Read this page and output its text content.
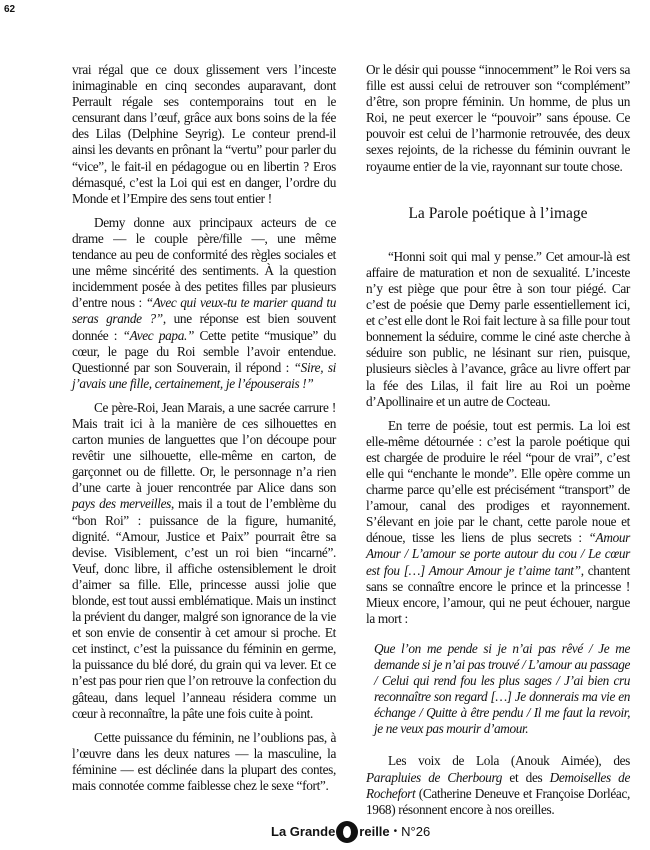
62

vrai régal que ce doux glissement vers l’inceste inimaginable en cinq secondes auparavant, dont Perrault régale ses contemporains tout en le censurant dans l’œuf, grâce aux bons soins de la fée des Lilas (Delphine Seyrig). Le conteur prend-il ainsi les devants en prônant la “vertu” pour parler du “vice”, le fait-il en pédagogue ou en libertin ? Eros démasqué, c’est la Loi qui est en danger, l’ordre du Monde et l’Empire des sens tout entier !

Demy donne aux principaux acteurs de ce drame — le couple père/fille —, une même tendance au peu de conformité des règles sociales et une même sincérité des sentiments. À la question incidemment posée à des petites filles par plusieurs d’entre nous : “Avec qui veux-tu te marier quand tu seras grande ?”, une réponse est bien souvent donnée : “Avec papa.” Cette petite “musique” du cœur, le page du Roi semble l’avoir entendue. Questionné par son Souverain, il répond : “Sire, si j’avais une fille, certainement, je l’épouserais !”

Ce père-Roi, Jean Marais, a une sacrée carrure ! Mais trait ici à la manière de ces silhouettes en carton munies de languettes que l’on découpe pour revêtir une silhouette, elle-même en carton, de garçonnet ou de fillette. Or, le personnage n’a rien d’une carte à jouer rencontrée par Alice dans son pays des merveilles, mais il a tout de l’emblème du “bon Roi” : puissance de la figure, humanité, dignité. “Amour, Justice et Paix” pourrait être sa devise. Visiblement, c’est un roi bien “incarné”. Veuf, donc libre, il affiche ostensiblement le droit d’aimer sa fille. Elle, princesse aussi jolie que blonde, est tout aussi emblématique. Mais un instinct la prévient du danger, malgré son ignorance de la vie et son envie de consentir à cet amour si proche. Et cet instinct, c’est la puissance du féminin en germe, la puissance du blé doré, du grain qui va lever. Et ce n’est pas pour rien que l’on retrouve la confection du gâteau, dans lequel l’anneau résidera comme un cœur à reconnaître, la pâte une fois cuite à point.

Cette puissance du féminin, ne l’oublions pas, à l’œuvre dans les deux natures — la masculine, la féminine — est déclinée dans la plupart des contes, mais connotée comme faiblesse chez le sexe “fort”.

Or le désir qui pousse “innocemment” le Roi vers sa fille est aussi celui de retrouver son “complément” d’être, son propre féminin. Un homme, de plus un Roi, ne peut exercer le “pouvoir” sans épouse. Ce pouvoir est celui de l’harmonie retrouvée, des deux sexes rejoints, de la richesse du féminin ouvrant le royaume entier de la vie, rayonnant sur toute chose.

La Parole poétique à l’image

“Honni soit qui mal y pense.” Cet amour-là est affaire de maturation et non de sexualité. L’inceste n’y est piège que pour être à son tour piégé. Car c’est de poésie que Demy parle essentiellement ici, et c’est elle dont le Roi fait lecture à sa fille pour tout bonnement la séduire, comme le ciné aste cherche à séduire son public, ne lésinant sur rien, puisque, plusieurs siècles à l’avance, grâce au livre offert par la fée des Lilas, il fait lire au Roi un poème d’Apollinaire et un autre de Cocteau.

En terre de poésie, tout est permis. La loi est elle-même détournée : c’est la parole poétique qui est chargée de produire le réel “pour de vrai”, c’est elle qui “enchante le monde”. Elle opère comme un charme parce qu’elle est précisément “transport” de l’amour, canal des prodiges et rayonnement. S’élevant en joie par le chant, cette parole noue et dénoue, tisse les liens de plus secrets : “Amour Amour / L’amour se porte autour du cou / Le cœur est fou […] Amour Amour je t’aime tant”, chantent sans se connaître encore le prince et la princesse ! Mieux encore, l’amour, qui ne peut échouer, nargue la mort :

Que l’on me pende si je n’ai pas rêvé / Je me demande si je n’ai pas trouvé / L’amour au passage / Celui qui rend fou les plus sages / J’ai bien cru reconnaître son regard […] Je donnerais ma vie en échange / Quitte à être pendu / Il me faut la revoir, je ne veux pas mourir d’amour.

Les voix de Lola (Anouk Aimée), des Parapluies de Cherbourg et des Demoiselles de Rochefort (Catherine Deneuve et Françoise Dorléac, 1968) résonnent encore à nos oreilles.

La Grande reille • N°26
